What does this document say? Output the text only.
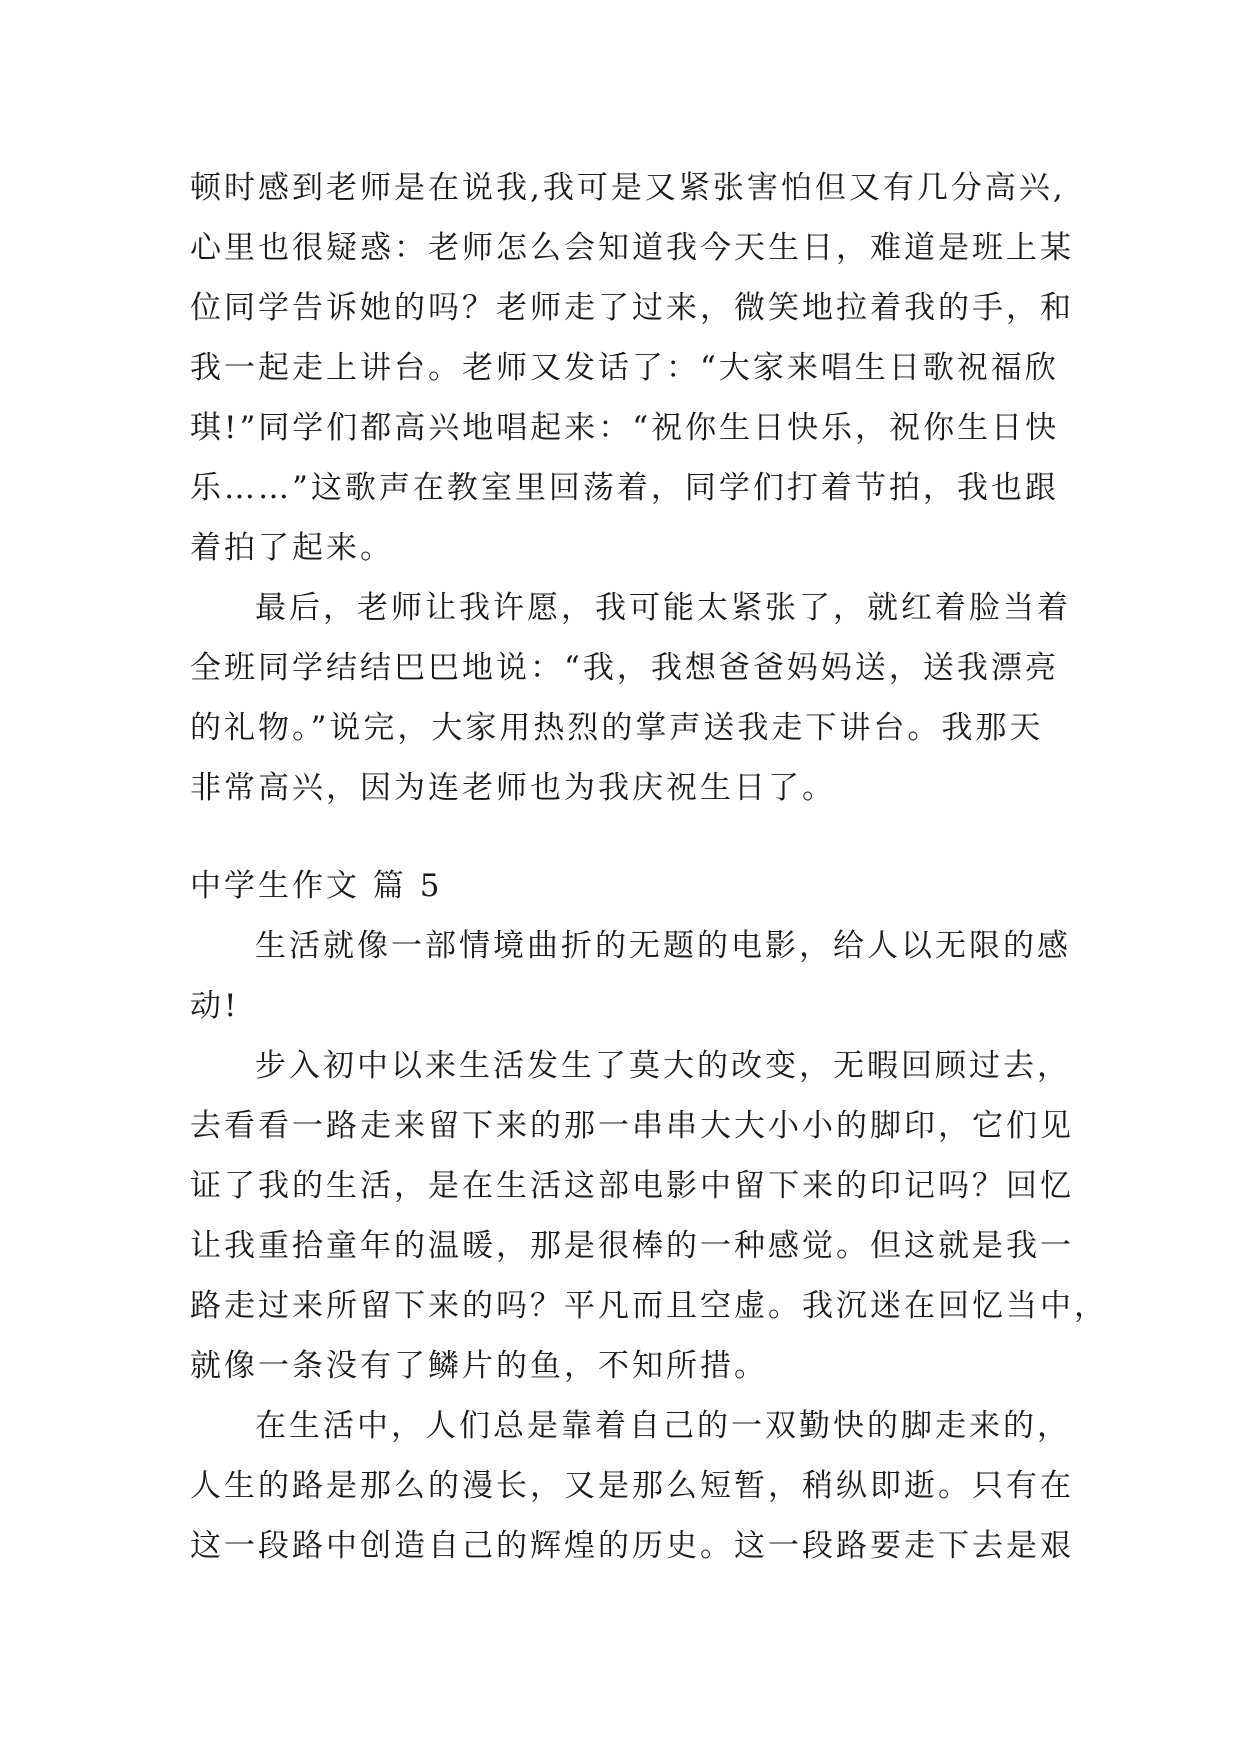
顿时感到老师是在说我,我可是又紧张害怕但又有几分高兴,
心里也很疑惑：老师怎么会知道我今天生日，难道是班上某
位同学告诉她的吗？老师走了过来，微笑地拉着我的手，和
我一起走上讲台。老师又发话了：“大家来唱生日歌祝福欣
琪!”同学们都高兴地唱起来：“祝你生日快乐，祝你生日快
乐……”这歌声在教室里回荡着，同学们打着节拍，我也跟
着拍了起来。
最后，老师让我许愿，我可能太紧张了，就红着脸当着
全班同学结结巴巴地说：“我，我想爸爸妈妈送，送我漂亮
的礼物。”说完，大家用热烈的掌声送我走下讲台。我那天
非常高兴，因为连老师也为我庆祝生日了。
中学生作文 篇 5
生活就像一部情境曲折的无题的电影，给人以无限的感
动!
步入初中以来生活发生了莫大的改变，无暇回顾过去，
去看看一路走来留下来的那一串串大大小小的脚印，它们见
证了我的生活，是在生活这部电影中留下来的印记吗？回忆
让我重拾童年的温暖，那是很棒的一种感觉。但这就是我一
路走过来所留下来的吗？平凡而且空虚。我沉迷在回忆当中，
就像一条没有了鳞片的鱼，不知所措。
在生活中，人们总是靠着自己的一双勤快的脚走来的，
人生的路是那么的漫长，又是那么短暂，稍纵即逝。只有在
这一段路中创造自己的辉煌的历史。这一段路要走下去是艰
